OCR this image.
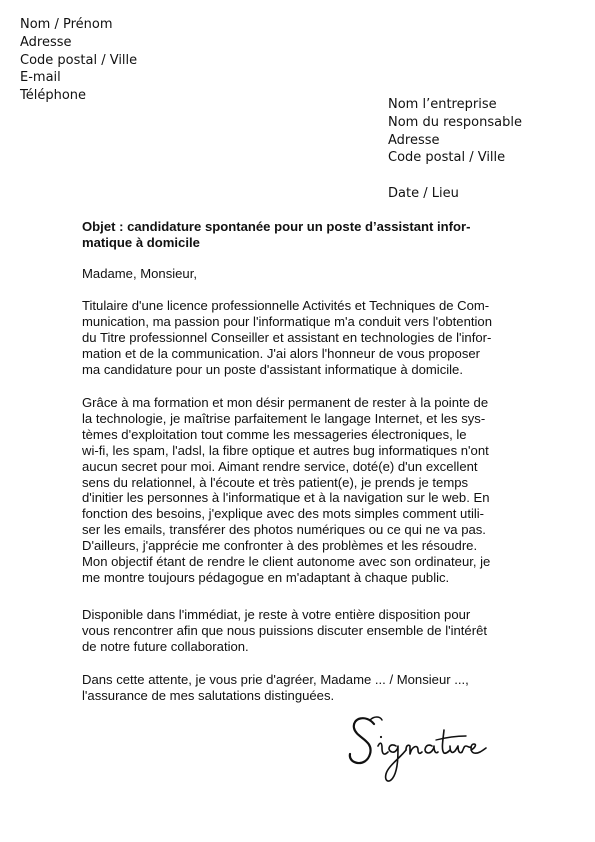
Nom / Prénom
Adresse
Code postal / Ville
E-mail
Téléphone
Nom l’entreprise
Nom du responsable
Adresse
Code postal / Ville
Date / Lieu
Objet : candidature spontanée pour un poste d’assistant infor-
matique à domicile
Madame, Monsieur,
Titulaire d'une licence professionnelle Activités et Techniques de Com-
munication, ma passion pour l'informatique m'a conduit vers l'obtention
du Titre professionnel Conseiller et assistant en technologies de l'infor-
mation et de la communication. J'ai alors l'honneur de vous proposer
ma candidature pour un poste d'assistant informatique à domicile.
Grâce à ma formation et mon désir permanent de rester à la pointe de
la technologie, je maîtrise parfaitement le langage Internet, et les sys-
tèmes d'exploitation tout comme les messageries électroniques, le
wi-fi, les spam, l'adsl, la fibre optique et autres bug informatiques n'ont
aucun secret pour moi. Aimant rendre service, doté(e) d'un excellent
sens du relationnel, à l'écoute et très patient(e), je prends je temps
d'initier les personnes à l'informatique et à la navigation sur le web. En
fonction des besoins, j'explique avec des mots simples comment utili-
ser les emails, transférer des photos numériques ou ce qui ne va pas.
D'ailleurs, j'apprécie me confronter à des problèmes et les résoudre.
Mon objectif étant de rendre le client autonome avec son ordinateur, je
me montre toujours pédagogue en m'adaptant à chaque public.
Disponible dans l'immédiat, je reste à votre entière disposition pour
vous rencontrer afin que nous puissions discuter ensemble de l'intérêt
de notre future collaboration.
Dans cette attente, je vous prie d'agréer, Madame ... / Monsieur ...,
l'assurance de mes salutations distinguées.
